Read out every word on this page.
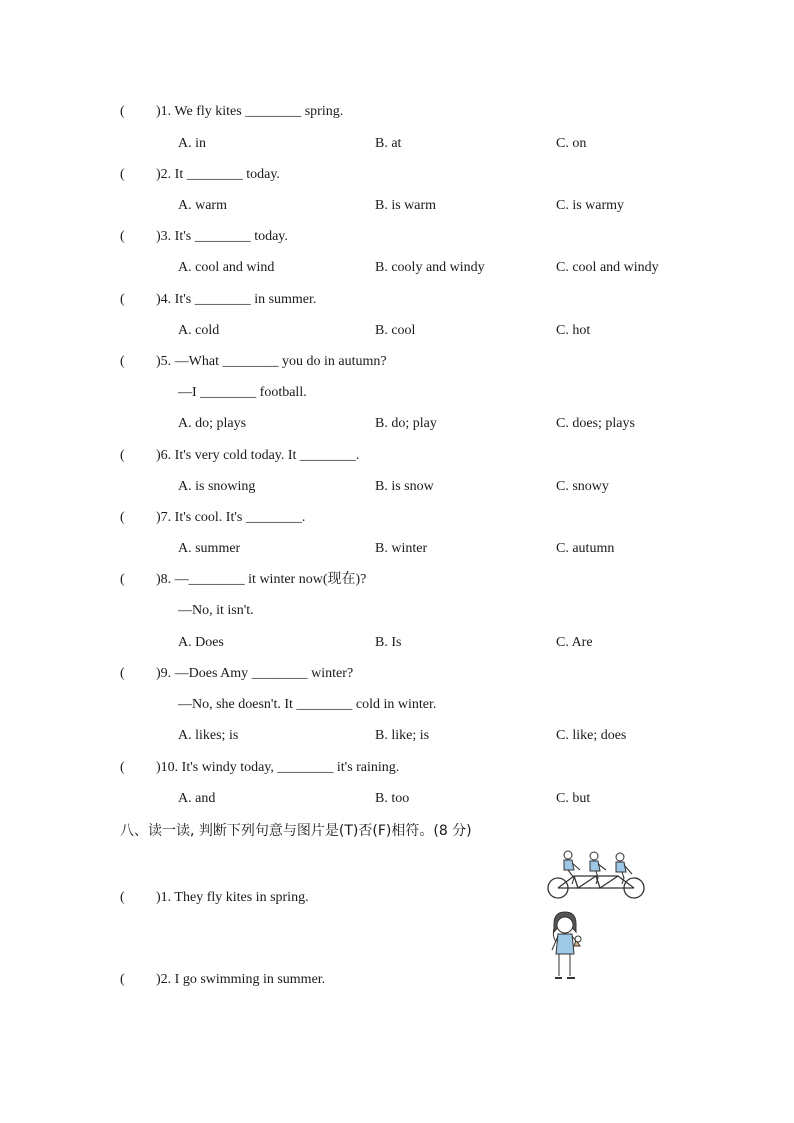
( )1. We fly kites ________ spring.
A. in	B. at	C. on
( )2. It ________ today.
A. warm	B. is warm	C. is warmy
( )3. It's ________ today.
A. cool and wind	B. cooly and windy	C. cool and windy
( )4. It's ________ in summer.
A. cold	B. cool	C. hot
( )5. —What ________ you do in autumn?
—I ________ football.
A. do; plays	B. do; play	C. does; plays
( )6. It's very cold today. It ________.
A. is snowing	B. is snow	C. snowy
( )7. It's cool. It's ________.
A. summer	B. winter	C. autumn
( )8. —________ it winter now(现在)?
—No, it isn't.
A. Does	B. Is	C. Are
( )9. —Does Amy ________ winter?
—No, she doesn't. It ________ cold in winter.
A. likes; is	B. like; is	C. like; does
( )10. It's windy today, ________ it's raining.
A. and	B. too	C. but
八、读一读, 判断下列句意与图片是(T)否(F)相符。(8 分)
( )1. They fly kites in spring.
( )2. I go swimming in summer.
